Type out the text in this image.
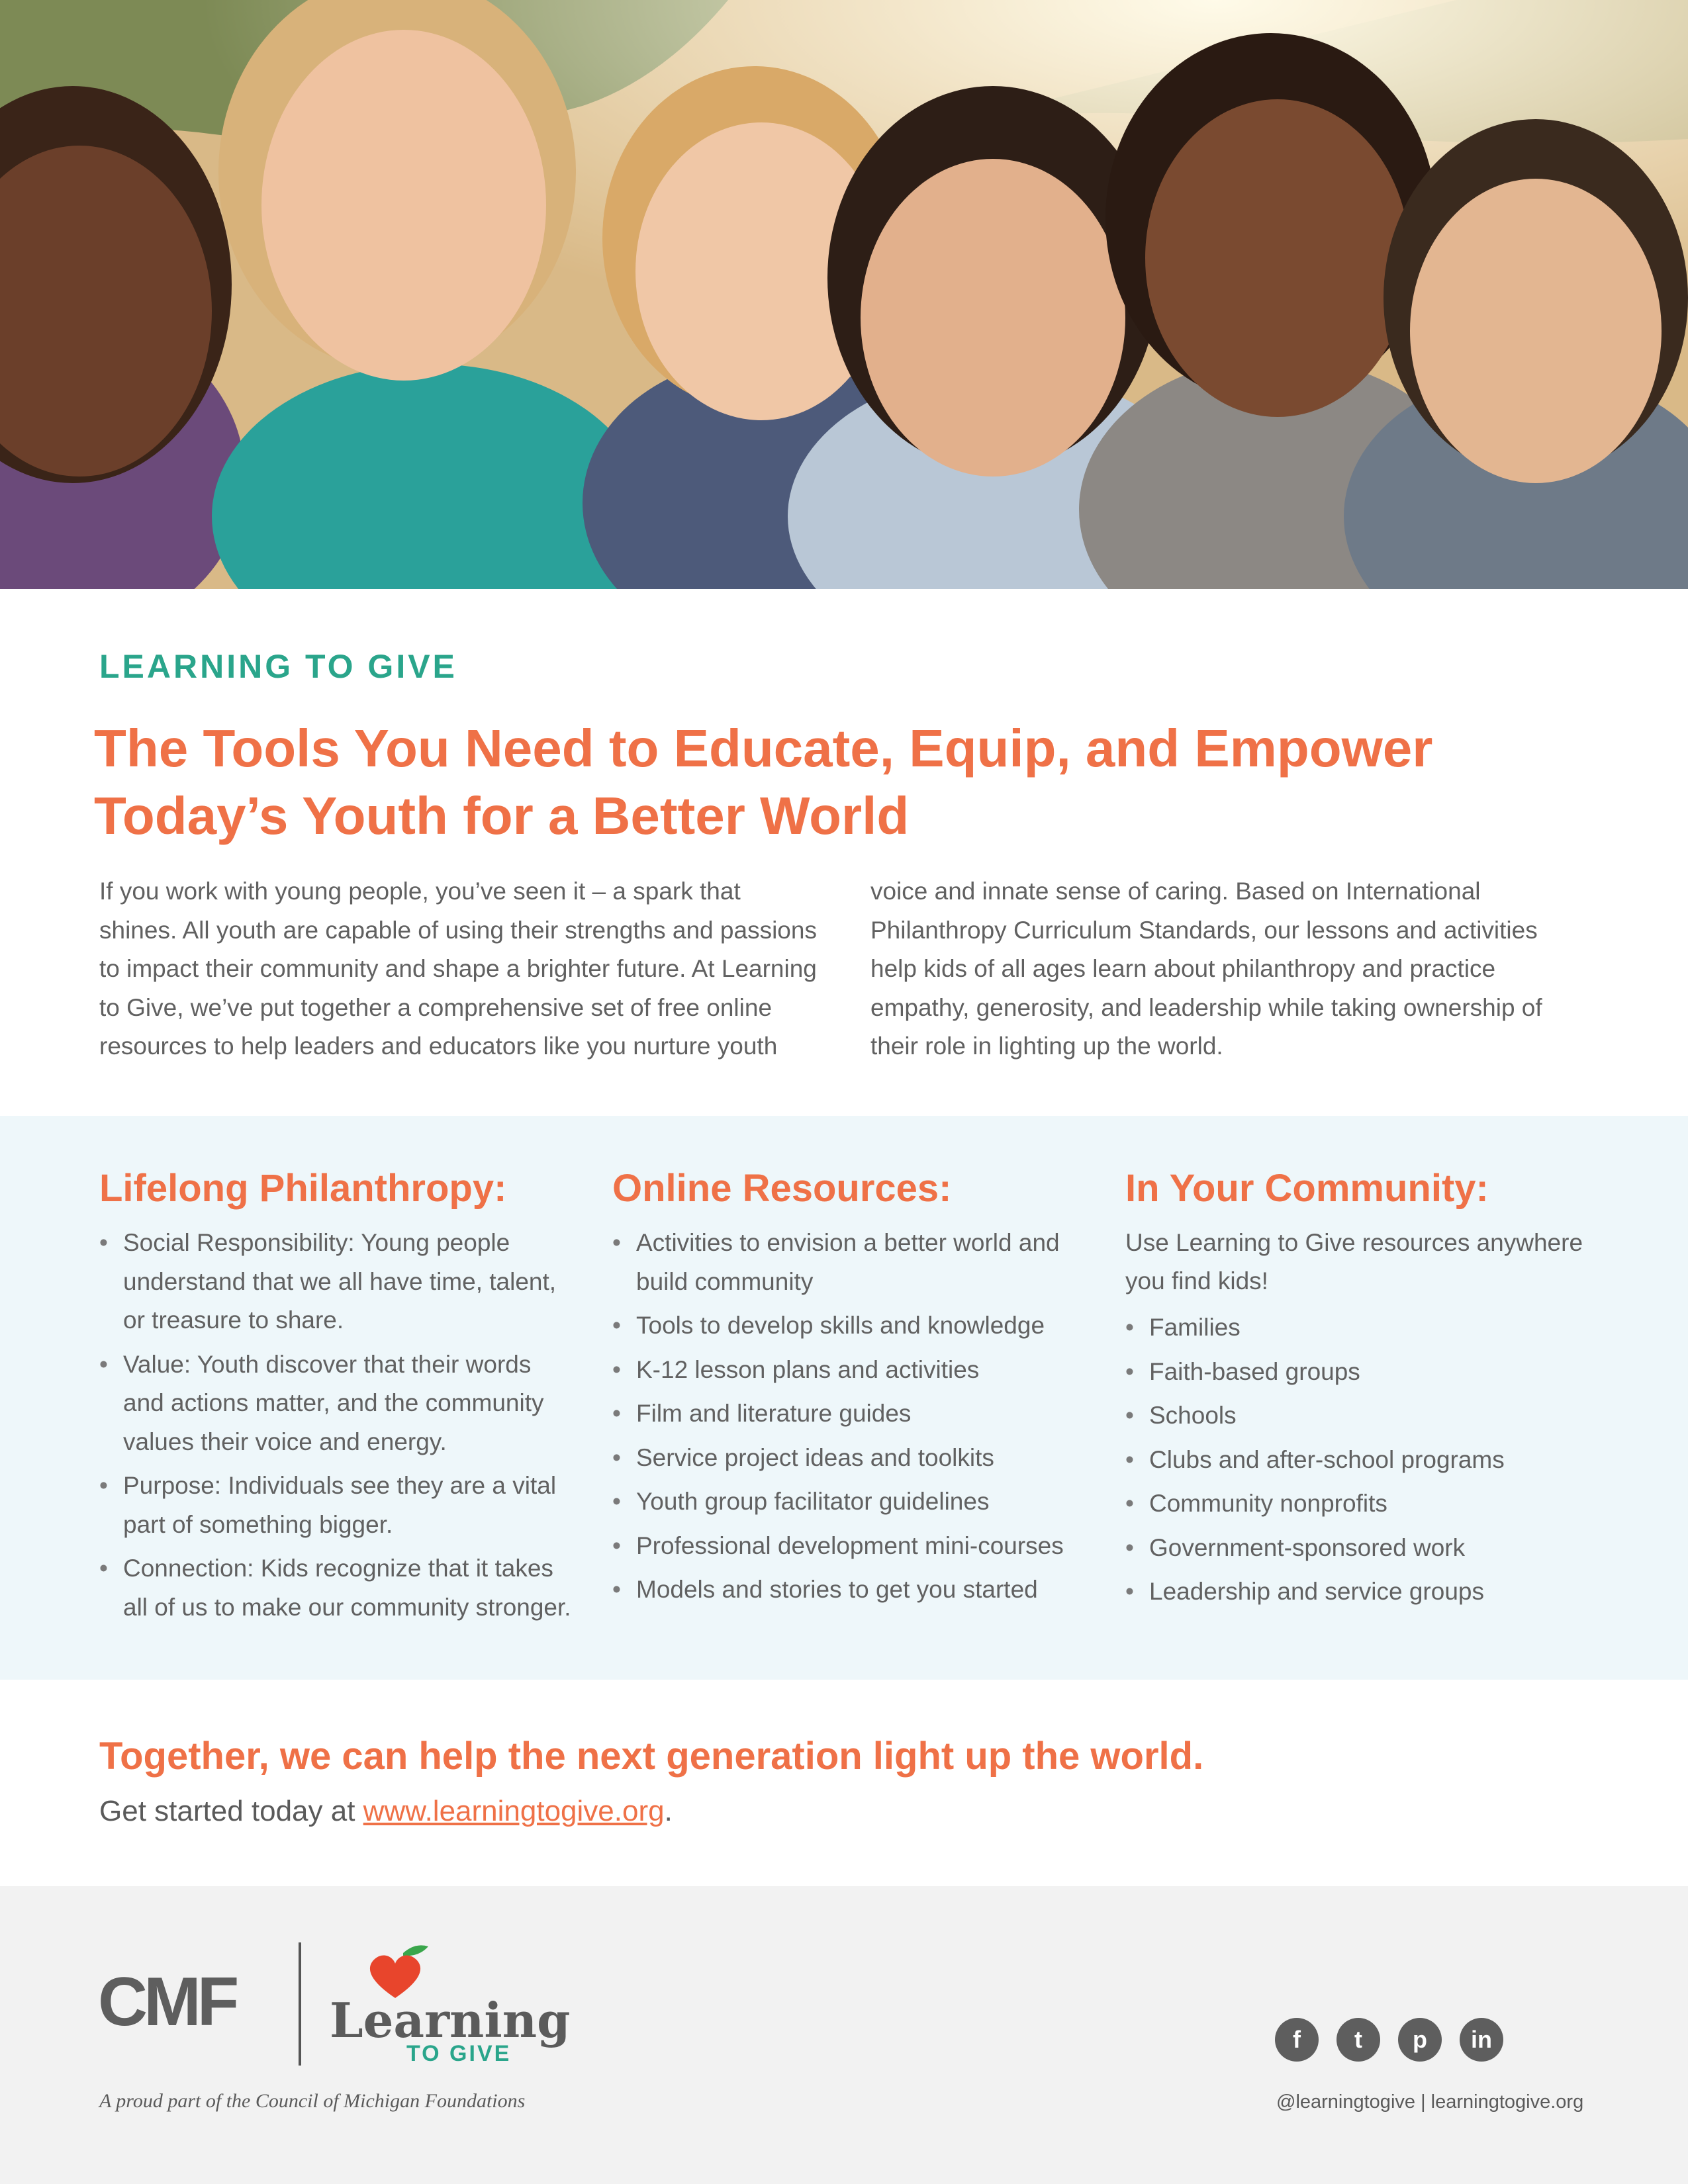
LEARNING TO GIVE
The Tools You Need to Educate, Equip, and Empower
Today’s Youth for a Better World

If you work with young people, you’ve seen it – a spark that shines. All youth are capable of using their strengths and passions to impact their community and shape a brighter future. At Learning to Give, we’ve put together a comprehensive set of free online resources to help leaders and educators like you nurture youth voice and innate sense of caring. Based on International Philanthropy Curriculum Standards, our lessons and activities help kids of all ages learn about philanthropy and practice empathy, generosity, and leadership while taking ownership of their role in lighting up the world.

Lifelong Philanthropy:
• Social Responsibility: Young people understand that we all have time, talent, or treasure to share.
• Value: Youth discover that their words and actions matter, and the community values their voice and energy.
• Purpose: Individuals see they are a vital part of something bigger.
• Connection: Kids recognize that it takes all of us to make our community stronger.
Online Resources:
• Activities to envision a better world and build community
• Tools to develop skills and knowledge
• K-12 lesson plans and activities
• Film and literature guides
• Service project ideas and toolkits
• Youth group facilitator guidelines
• Professional development mini-courses
• Models and stories to get you started
In Your Community:

Use Learning to Give resources anywhere you find kids!

• Families
• Faith-based groups
• Schools
• Clubs and after-school programs
• Community nonprofits
• Government-sponsored work
• Leadership and service groups
Together, we can help the next generation light up the world.
Get started today at www.learningtogive.org.
CMF Learning
TO GIVE
A proud part of the Council of Michigan Foundations
f	t	p	in
@learningtogive | learningtogive.org
